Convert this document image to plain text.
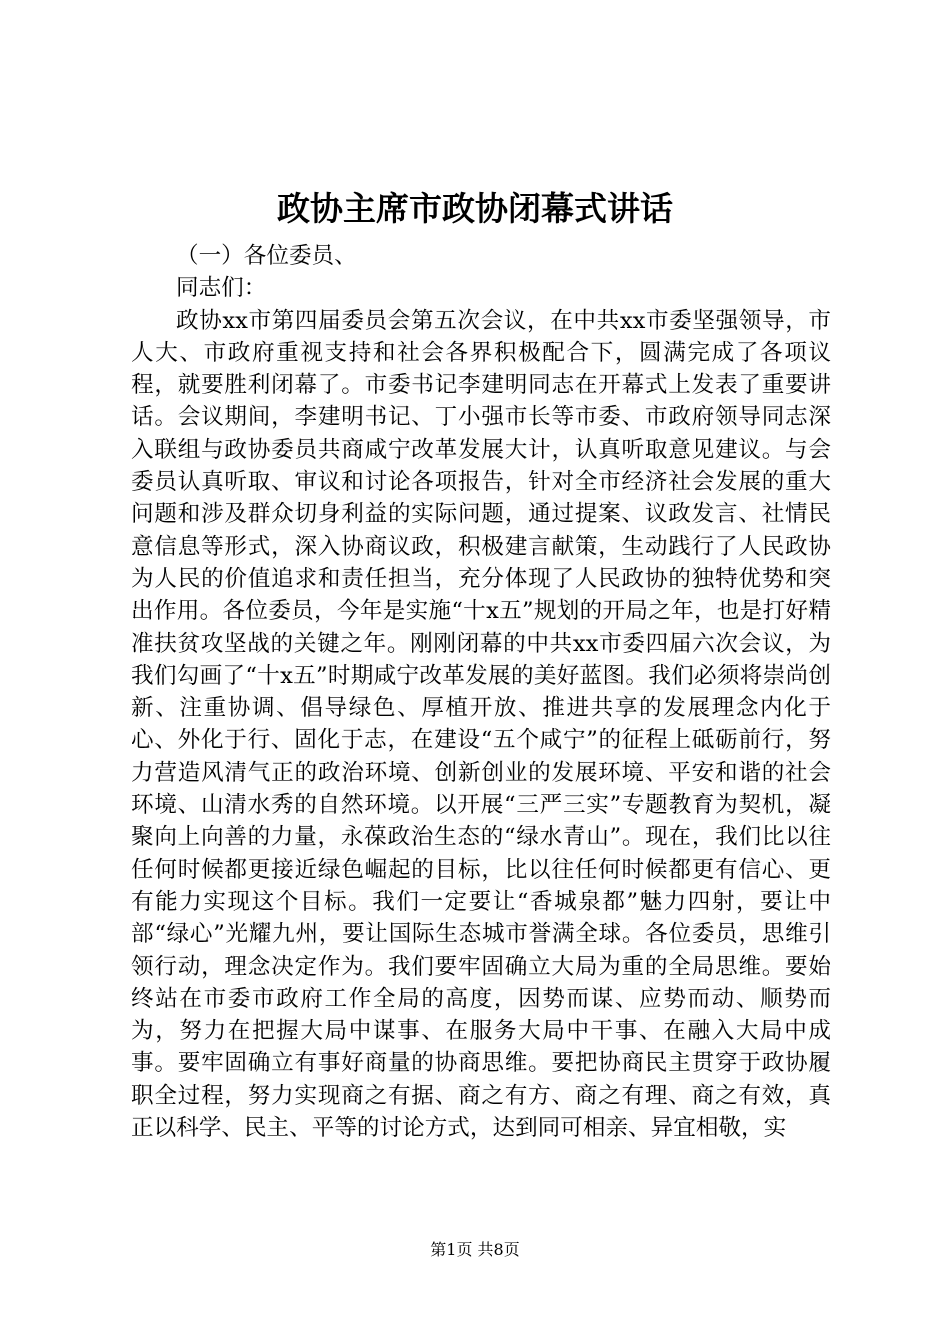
政协主席市政协闭幕式讲话

（一）各位委员、

同志们：

政协xx市第四届委员会第五次会议，在中共xx市委坚强领导，市人大、市政府重视支持和社会各界积极配合下，圆满完成了各项议程，就要胜利闭幕了。市委书记李建明同志在开幕式上发表了重要讲话。会议期间，李建明书记、丁小强市长等市委、市政府领导同志深入联组与政协委员共商咸宁改革发展大计，认真听取意见建议。与会委员认真听取、审议和讨论各项报告，针对全市经济社会发展的重大问题和涉及群众切身利益的实际问题，通过提案、议政发言、社情民意信息等形式，深入协商议政，积极建言献策，生动践行了人民政协为人民的价值追求和责任担当，充分体现了人民政协的独特优势和突出作用。各位委员，今年是实施“十x五”规划的开局之年，也是打好精准扶贫攻坚战的关键之年。刚刚闭幕的中共xx市委四届六次会议，为我们勾画了“十x五”时期咸宁改革发展的美好蓝图。我们必须将崇尚创新、注重协调、倡导绿色、厚植开放、推进共享的发展理念内化于心、外化于行、固化于志，在建设“五个咸宁”的征程上砥砺前行，努力营造风清气正的政治环境、创新创业的发展环境、平安和谐的社会环境、山清水秀的自然环境。以开展“三严三实”专题教育为契机，凝聚向上向善的力量，永葆政治生态的“绿水青山”。现在，我们比以往任何时候都更接近绿色崛起的目标，比以往任何时候都更有信心、更有能力实现这个目标。我们一定要让“香城泉都”魅力四射，要让中部“绿心”光耀九州，要让国际生态城市誉满全球。各位委员，思维引领行动，理念决定作为。我们要牢固确立大局为重的全局思维。要始终站在市委市政府工作全局的高度，因势而谋、应势而动、顺势而为，努力在把握大局中谋事、在服务大局中干事、在融入大局中成事。要牢固确立有事好商量的协商思维。要把协商民主贯穿于政协履职全过程，努力实现商之有据、商之有方、商之有理、商之有效，真正以科学、民主、平等的讨论方式，达到同可相亲、异宜相敬，实

第1页 共8页
